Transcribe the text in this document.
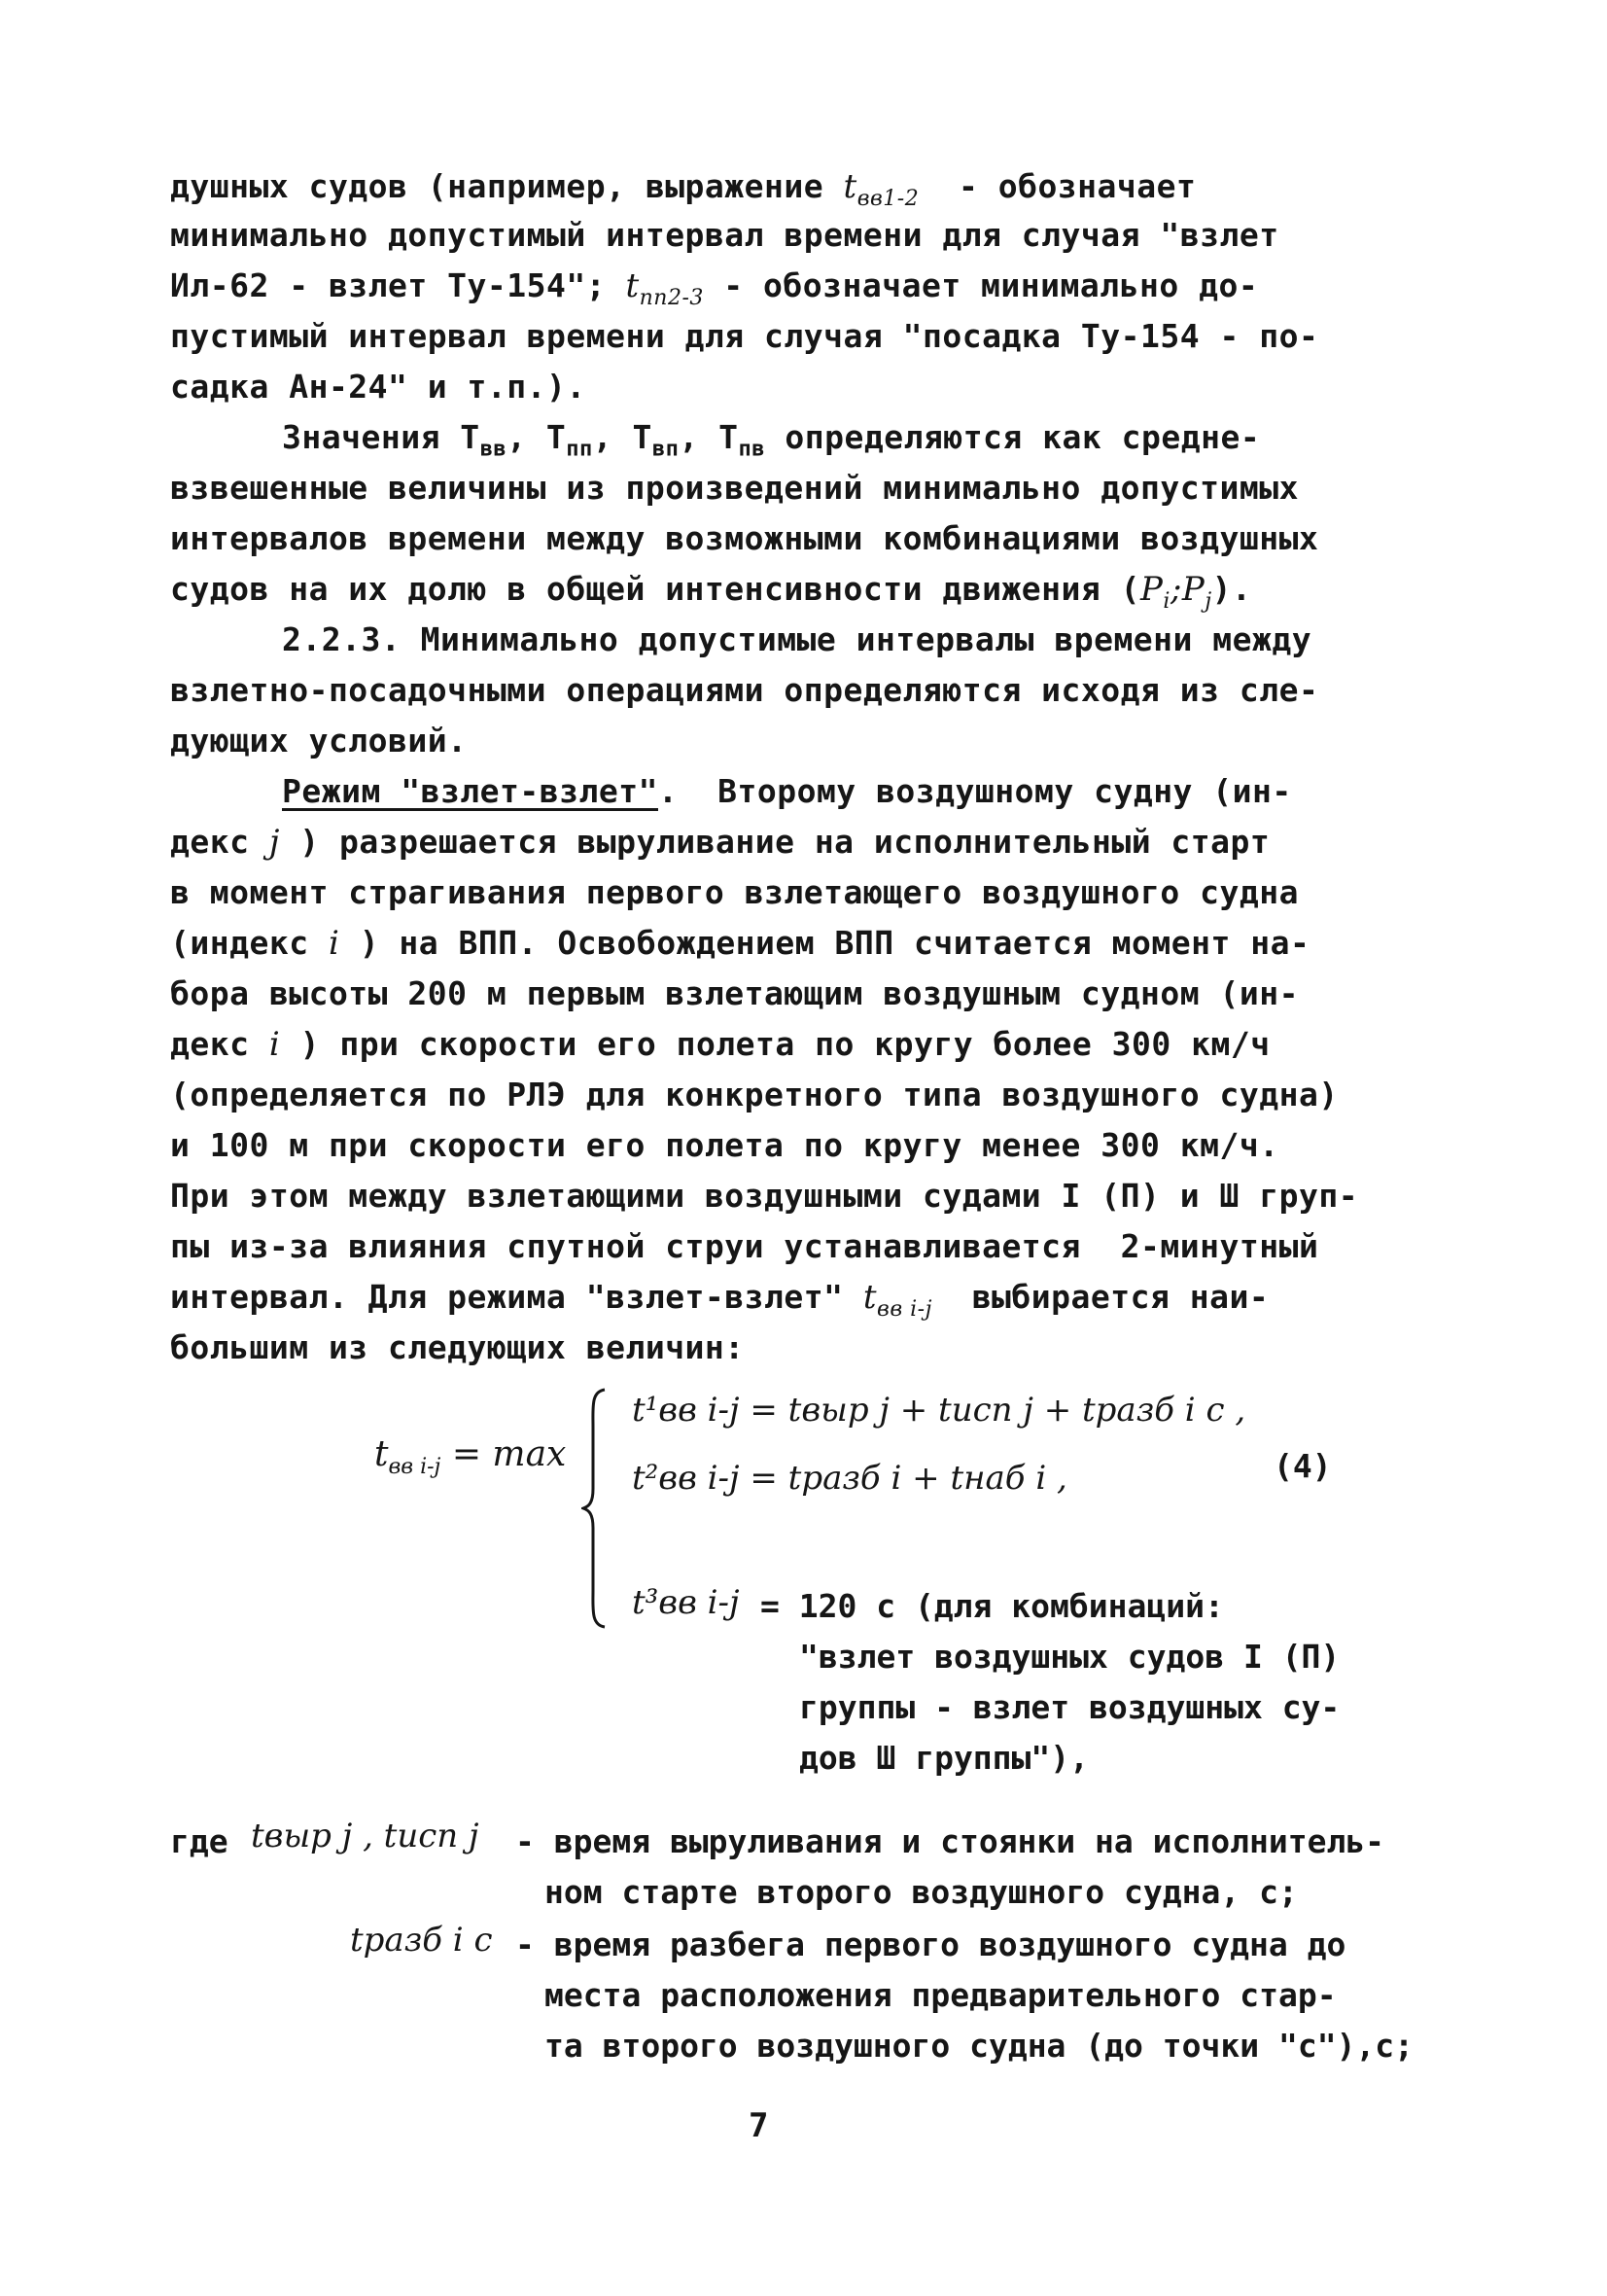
душных судов (например, выражение $t_{вв1-2}$  - обозначает
минимально допустимый интервал времени для случая "взлет
Ил-62 - взлет Ту-154"; $t_{пп2-3}$ - обозначает минимально до-
пустимый интервал времени для случая "посадка Ту-154 - по-
садка Ан-24" и т.п.).
Значения $T_{вв}$, $T_{пп}$, $T_{вп}$, $T_{пв}$ определяются как средне-
взвешенные величины из произведений минимально допустимых
интервалов времени между возможными комбинациями воздушных
судов на их долю в общей интенсивности движения $(P_i;P_j)$.
2.2.3. Минимально допустимые интервалы времени между
взлетно-посадочными операциями определяются исходя из сле-
дующих условий.
Режим "взлет-взлет".  Второму воздушному судну (ин-
декс j ) разрешается выруливание на исполнительный старт
в момент страгивания первого взлетающего воздушного судна
(индекс i ) на ВПП. Освобождением ВПП считается момент на-
бора высоты 200 м первым взлетающим воздушным судном (ин-
декс i ) при скорости его полета по кругу более 300 км/ч
(определяется по РЛЭ для конкретного типа воздушного судна)
и 100 м при скорости его полета по кругу менее 300 км/ч.
При этом между взлетающими воздушными судами I (П) и Ш груп-
пы из-за влияния спутной струи устанавливается  2-минутный
интервал. Для режима "взлет-взлет" $t_{вв i-j}$  выбирается наи-
большим из следующих величин:
$t_{вв i-j} = \max$
t¹вв i-j = tвыр j + tисп j + tразб i c ,
t²вв i-j = tразб i + tнаб i ,
t³вв i-j
(4)
= 120 с (для комбинаций:
"взлет воздушных судов I (П)
группы - взлет воздушных су-
дов Ш группы"),
где tвыр j , tисп j - время выруливания и стоянки на исполнитель-
ном старте второго воздушного судна, с;
tразб i c - время разбега первого воздушного судна до
места расположения предварительного стар-
та второго воздушного судна (до точки "с"),с;
7
